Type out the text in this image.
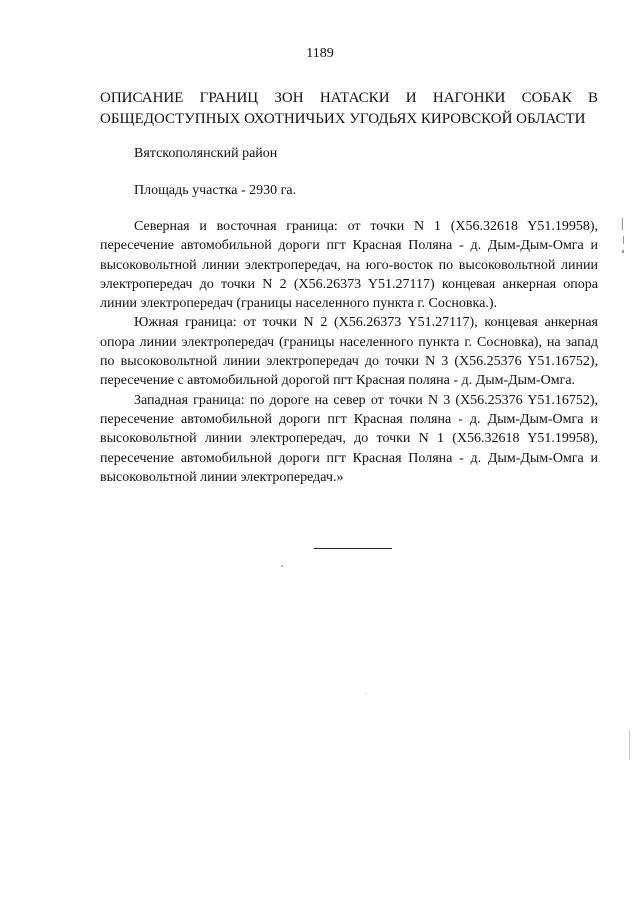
1189
ОПИСАНИЕ ГРАНИЦ ЗОН НАТАСКИ И НАГОНКИ СОБАК В ОБЩЕДОСТУПНЫХ ОХОТНИЧЬИХ УГОДЬЯХ КИРОВСКОЙ ОБЛАСТИ
Вятскополянский район
Площадь участка - 2930 га.

Северная и восточная граница: от точки N 1 (X56.32618 Y51.19958), пересечение автомобильной дороги пгт Красная Поляна - д. Дым-Дым-Омга и высоковольтной линии электропередач, на юго-восток по высоковольтной линии электропередач до точки N 2 (X56.26373 Y51.27117) концевая анкерная опора линии электропередач (границы населенного пункта г. Сосновка.).

Южная граница: от точки N 2 (X56.26373 Y51.27117), концевая анкерная опора линии электропередач (границы населенного пункта г. Сосновка), на запад по высоковольтной линии электропередач до точки N 3 (X56.25376 Y51.16752), пересечение с автомобильной дорогой пгт Красная поляна - д. Дым-Дым-Омга.

Западная граница: по дороге на север от точки N 3 (X56.25376 Y51.16752), пересечение автомобильной дороги пгт Красная поляна - д. Дым-Дым-Омга и высоковольтной линии электропередач, до точки N 1 (X56.32618 Y51.19958), пересечение автомобильной дороги пгт Красная Поляна - д. Дым-Дым-Омга и высоковольтной линии электропередач.»
